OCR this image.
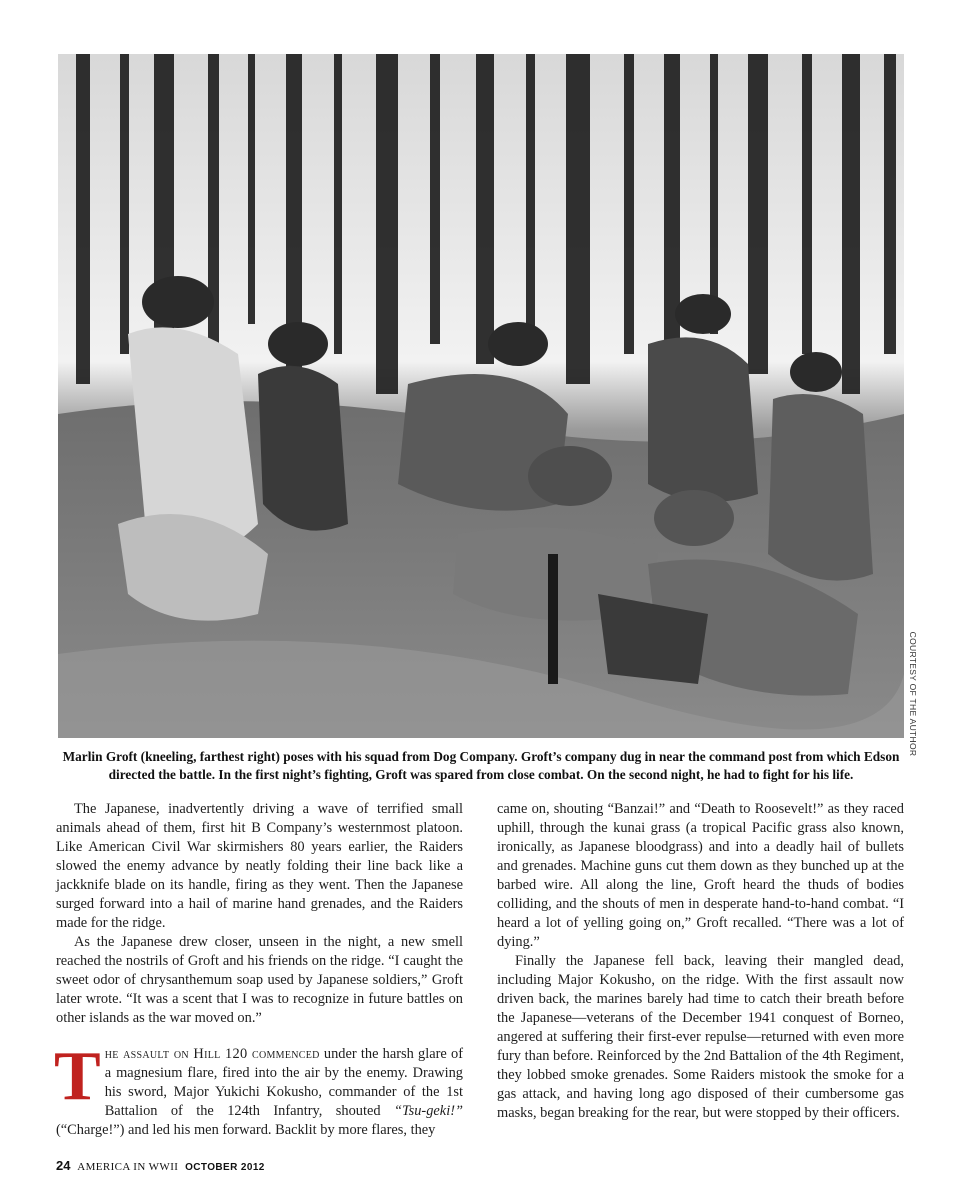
COURTESY OF THE AUTHOR
Marlin Groft (kneeling, farthest right) poses with his squad from Dog Company. Groft’s company dug in near the command post from which Edson directed the battle. In the first night’s fighting, Groft was spared from close combat. On the second night, he had to fight for his life.

The Japanese, inadvertently driving a wave of terrified small animals ahead of them, first hit B Company’s westernmost platoon. Like American Civil War skirmishers 80 years earlier, the Raiders slowed the enemy advance by neatly folding their line back like a jackknife blade on its handle, firing as they went. Then the Japanese surged forward into a hail of marine hand grenades, and the Raiders made for the ridge.

As the Japanese drew closer, unseen in the night, a new smell reached the nostrils of Groft and his friends on the ridge. “I caught the sweet odor of chrysanthemum soap used by Japanese soldiers,” Groft later wrote. “It was a scent that I was to recognize in future battles on other islands as the war moved on.”

The assault on Hill 120 commenced under the harsh glare of a magnesium flare, fired into the air by the enemy. Drawing his sword, Major Yukichi Kokusho, commander of the 1st Battalion of the 124th Infantry, shouted “Tsu-geki!” (“Charge!”) and led his men forward. Backlit by more flares, they

came on, shouting “Banzai!” and “Death to Roosevelt!” as they raced uphill, through the kunai grass (a tropical Pacific grass also known, ironically, as Japanese bloodgrass) and into a deadly hail of bullets and grenades. Machine guns cut them down as they bunched up at the barbed wire. All along the line, Groft heard the thuds of bodies colliding, and the shouts of men in desperate hand-to-hand combat. “I heard a lot of yelling going on,” Groft recalled. “There was a lot of dying.”

Finally the Japanese fell back, leaving their mangled dead, including Major Kokusho, on the ridge. With the first assault now driven back, the marines barely had time to catch their breath before the Japanese—veterans of the December 1941 conquest of Borneo, angered at suffering their first-ever repulse—returned with even more fury than before. Reinforced by the 2nd Battalion of the 4th Regiment, they lobbed smoke grenades. Some Raiders mistook the smoke for a gas attack, and having long ago disposed of their cumbersome gas masks, began breaking for the rear, but were stopped by their officers.

24 AMERICA IN WWII OCTOBER 2012
